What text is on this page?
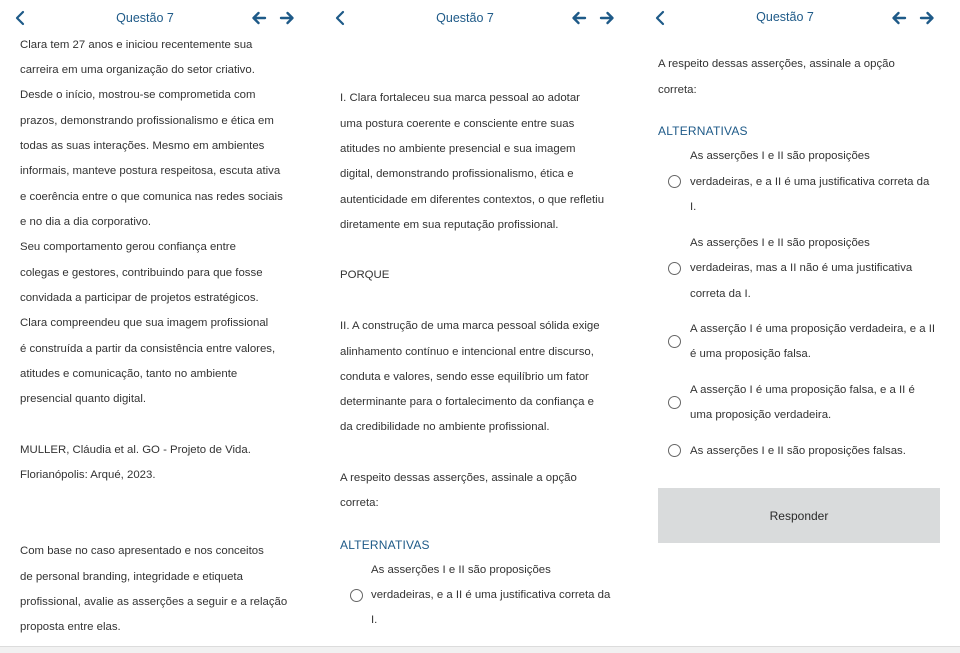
Questão 7
Clara tem 27 anos e iniciou recentemente sua
carreira em uma organização do setor criativo.
Desde o início, mostrou-se comprometida com
prazos, demonstrando profissionalismo e ética em
todas as suas interações. Mesmo em ambientes
informais, manteve postura respeitosa, escuta ativa
e coerência entre o que comunica nas redes sociais
e no dia a dia corporativo.
Seu comportamento gerou confiança entre
colegas e gestores, contribuindo para que fosse
convidada a participar de projetos estratégicos.
Clara compreendeu que sua imagem profissional
é construída a partir da consistência entre valores,
atitudes e comunicação, tanto no ambiente
presencial quanto digital.
MULLER, Cláudia et al. GO - Projeto de Vida.
Florianópolis: Arqué, 2023.
Com base no caso apresentado e nos conceitos
de personal branding, integridade e etiqueta
profissional, avalie as asserções a seguir e a relação
proposta entre elas.
Questão 7
I. Clara fortaleceu sua marca pessoal ao adotar
uma postura coerente e consciente entre suas
atitudes no ambiente presencial e sua imagem
digital, demonstrando profissionalismo, ética e
autenticidade em diferentes contextos, o que refletiu
diretamente em sua reputação profissional.
PORQUE
II. A construção de uma marca pessoal sólida exige
alinhamento contínuo e intencional entre discurso,
conduta e valores, sendo esse equilíbrio um fator
determinante para o fortalecimento da confiança e
da credibilidade no ambiente profissional.
A respeito dessas asserções, assinale a opção
correta:
ALTERNATIVAS
As asserções I e II são proposições
verdadeiras, e a II é uma justificativa correta da
I.
Questão 7
A respeito dessas asserções, assinale a opção
correta:
ALTERNATIVAS
As asserções I e II são proposições
verdadeiras, e a II é uma justificativa correta da
I.
As asserções I e II são proposições
verdadeiras, mas a II não é uma justificativa
correta da I.
A asserção I é uma proposição verdadeira, e a II
é uma proposição falsa.
A asserção I é uma proposição falsa, e a II é
uma proposição verdadeira.
As asserções I e II são proposições falsas.
Responder
